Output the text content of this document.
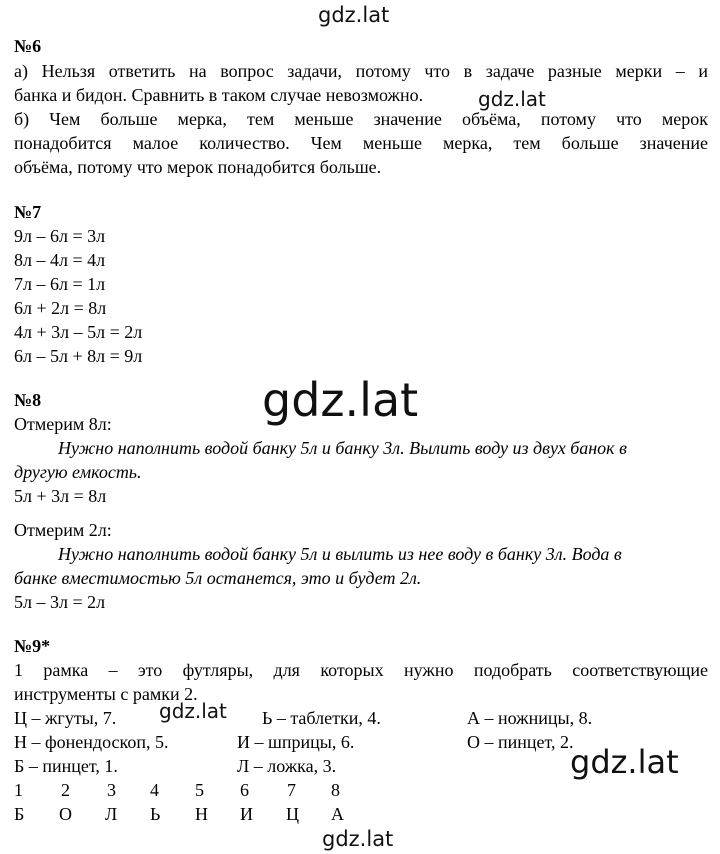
gdz.lat
gdz.lat
gdz.lat
gdz.lat
gdz.lat
gdz.lat
№6
а) Нельзя ответить на вопрос задачи, потому что в задаче разные мерки – и
банка и бидон. Сравнить в таком случае невозможно.
б) Чем больше мерка, тем меньше значение объёма, потому что мерок
понадобится малое количество. Чем меньше мерка, тем больше значение
объёма, потому что мерок понадобится больше.
№7
9л – 6л = 3л
8л – 4л = 4л
7л – 6л = 1л
6л + 2л = 8л
4л + 3л – 5л = 2л
6л – 5л + 8л = 9л
№8
Отмерим 8л:
Нужно наполнить водой банку 5л и банку 3л. Вылить воду из двух банок в
другую емкость.
5л + 3л = 8л
Отмерим 2л:
Нужно наполнить водой банку 5л и вылить из нее воду в банку 3л. Вода в
банке вместимостью 5л останется, это и будет 2л.
5л – 3л = 2л
№9*
1 рамка – это футляры, для которых нужно подобрать соответствующие
инструменты с рамки 2.
Ц – жгуты, 7.	Ь – таблетки, 4.	А – ножницы, 8.
Н – фонендоскоп, 5.	И – шприцы, 6.	О – пинцет, 2.
Б – пинцет, 1.	Л – ложка, 3.
1 2 3 4 5 6 7 8
Б О Л Ь Н И Ц А
